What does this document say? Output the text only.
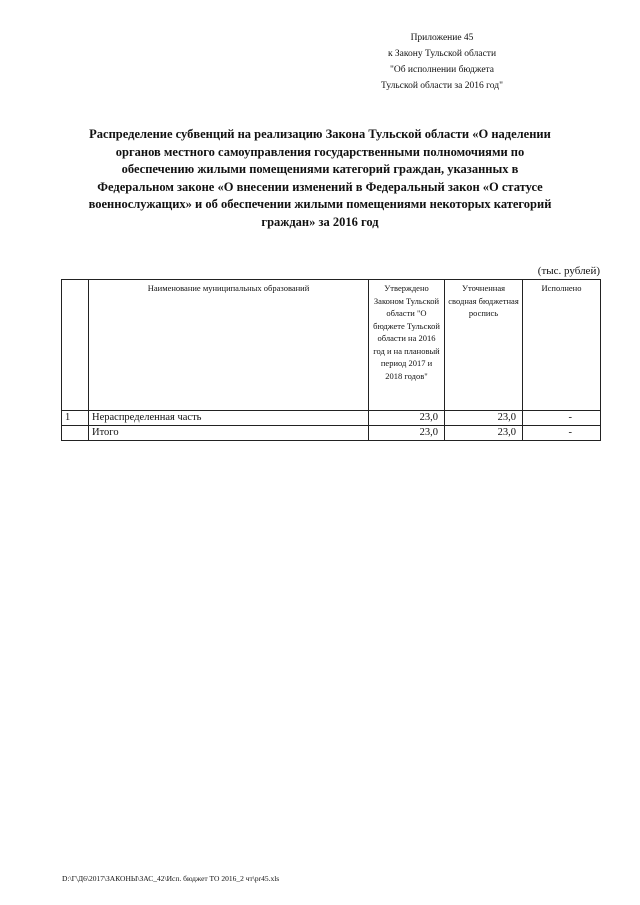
Приложение 45
к Закону Тульской области
"Об исполнении бюджета
Тульской области за 2016 год"
Распределение субвенций на реализацию Закона Тульской области «О наделении
органов местного самоуправления государственными полномочиями по
обеспечению жилыми помещениями категорий граждан, указанных в
Федеральном законе «О внесении изменений в Федеральный закон «О статусе
военнослужащих» и об обеспечении жилыми помещениями некоторых категорий
граждан» за 2016 год
(тыс. рублей)
	Наименование муниципальных образований	Утверждено Законом Тульской области "О бюджете Тульской области на 2016 год и на плановый период 2017 и 2018 годов"	Уточненная сводная бюджетная роспись	Исполнено
1	Нераспределенная часть	23,0	23,0	-
	Итого	23,0	23,0	-
D:\Г\Д6\2017\ЗАКОНЫ\ЗАС_42\Исп. бюджет ТО 2016_2 чт\pr45.xls
